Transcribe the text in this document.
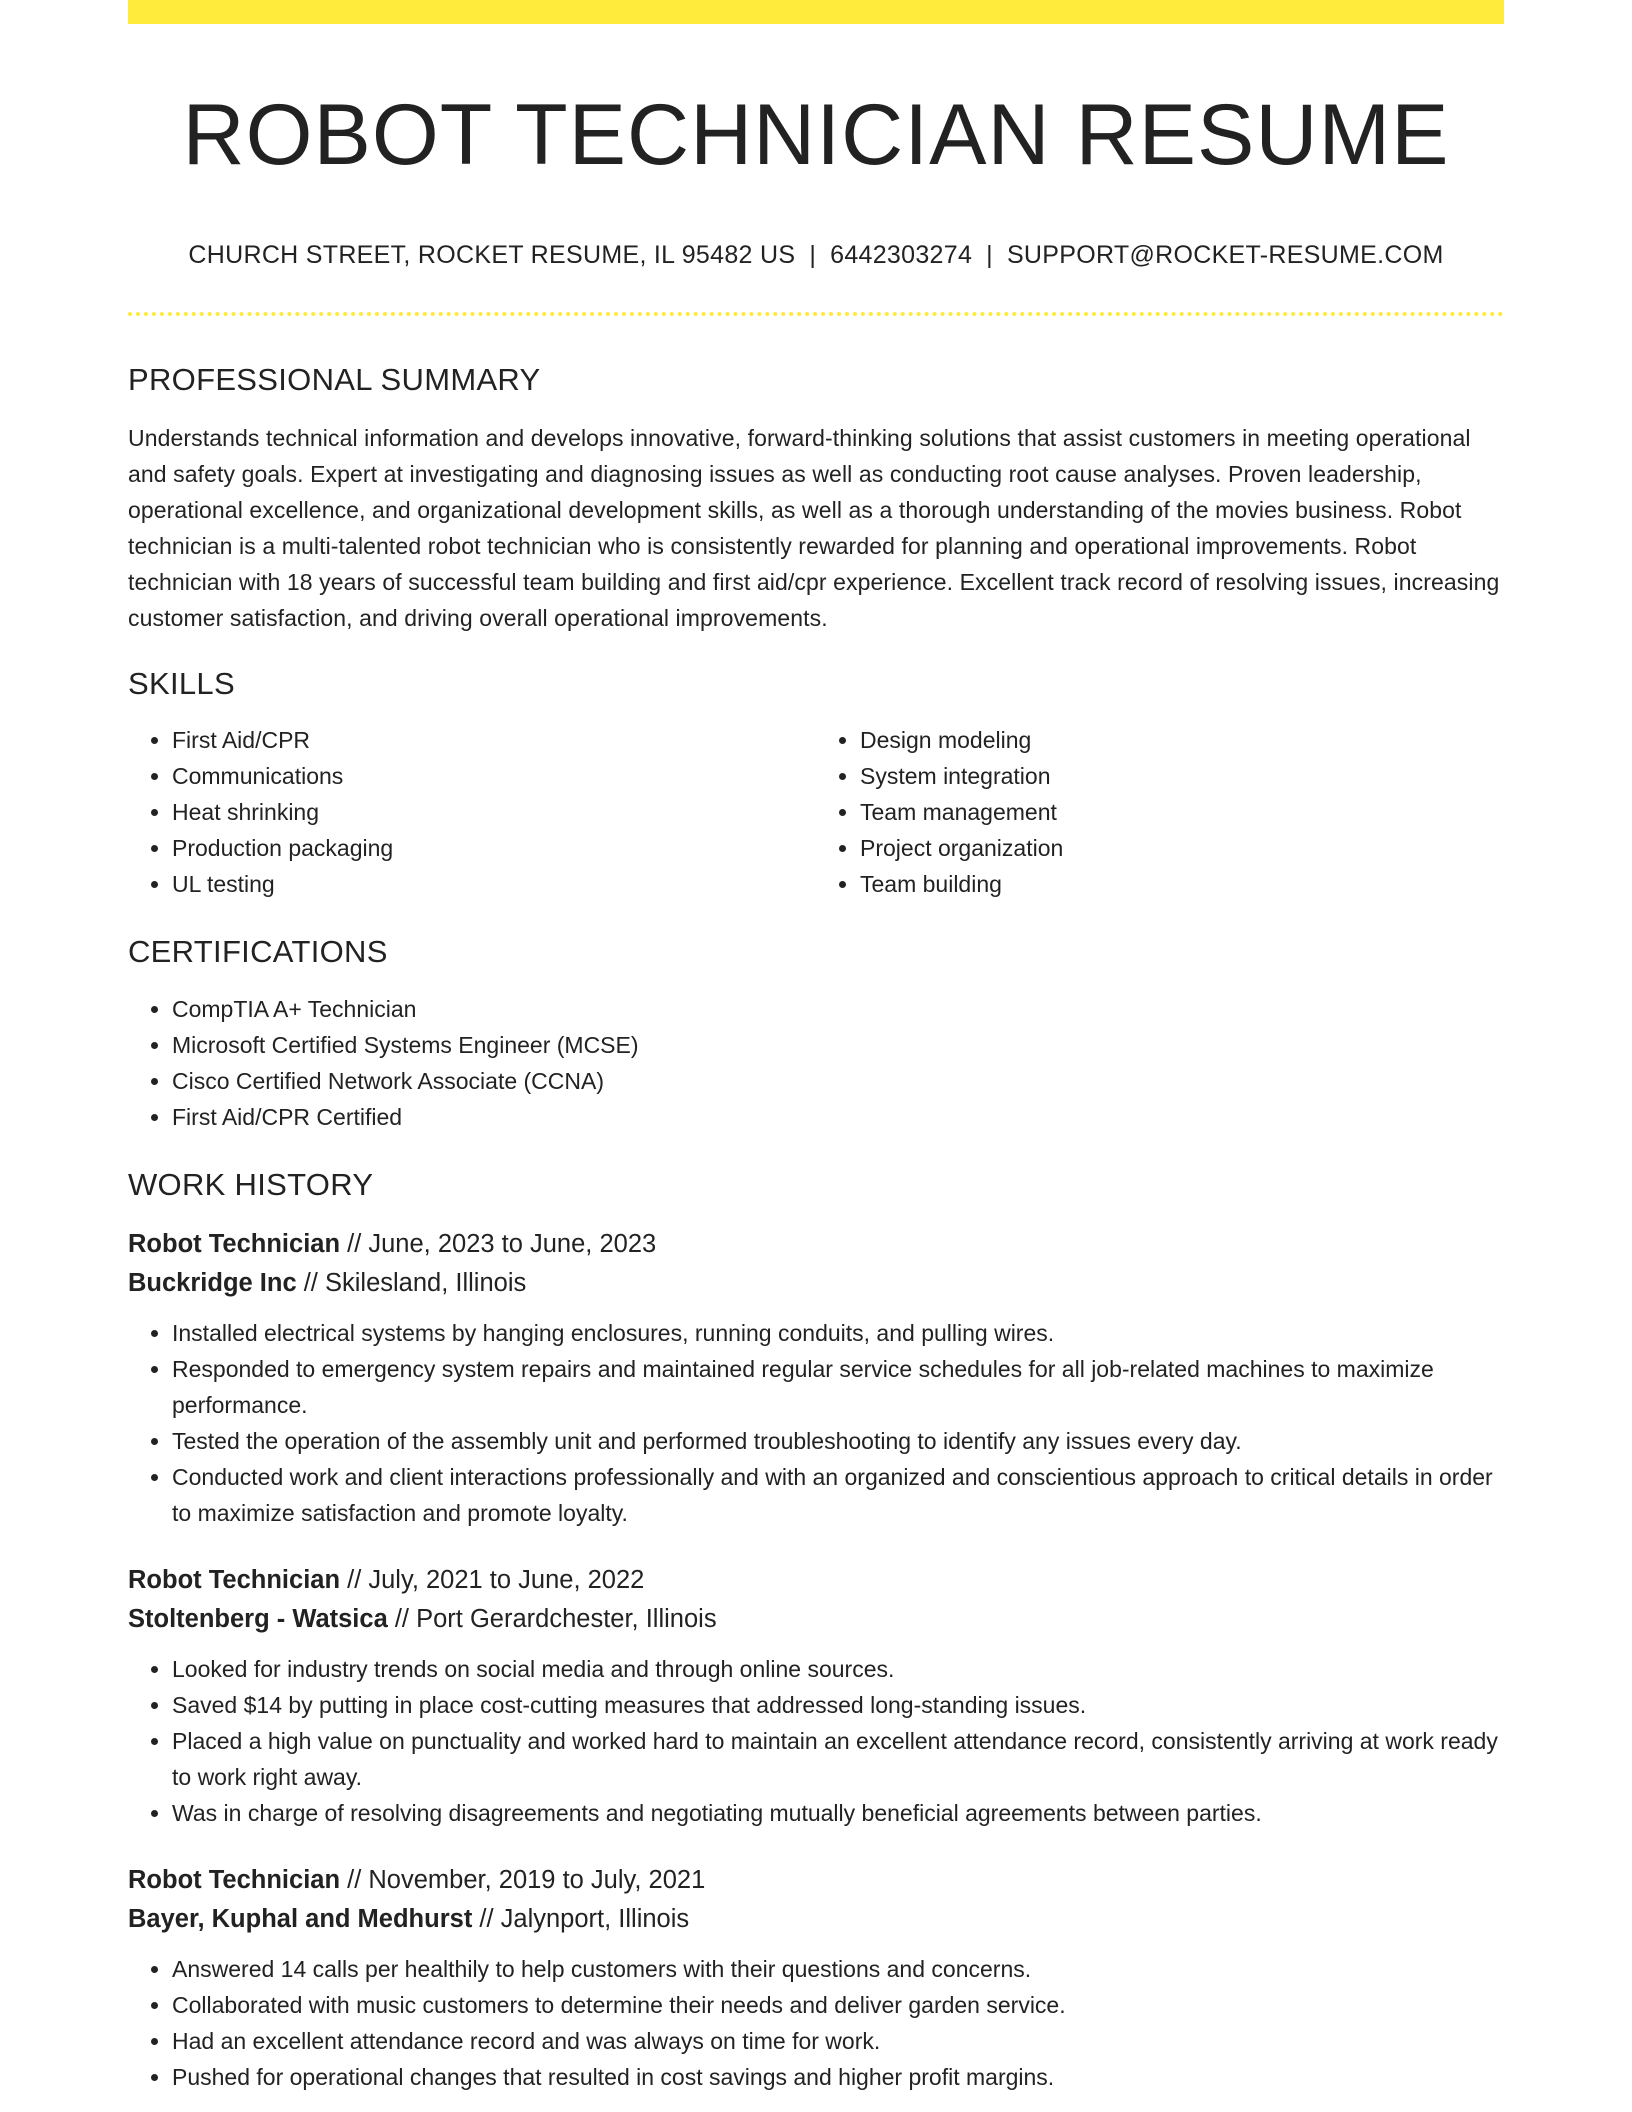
ROBOT TECHNICIAN RESUME
CHURCH STREET, ROCKET RESUME, IL 95482 US | 6442303274 | SUPPORT@ROCKET-RESUME.COM
PROFESSIONAL SUMMARY

Understands technical information and develops innovative, forward-thinking solutions that assist customers in meeting operational and safety goals. Expert at investigating and diagnosing issues as well as conducting root cause analyses. Proven leadership, operational excellence, and organizational development skills, as well as a thorough understanding of the movies business. Robot technician is a multi-talented robot technician who is consistently rewarded for planning and operational improvements. Robot technician with 18 years of successful team building and first aid/cpr experience. Excellent track record of resolving issues, increasing customer satisfaction, and driving overall operational improvements.

SKILLS
• First Aid/CPR
• Communications
• Heat shrinking
• Production packaging
• UL testing
• Design modeling
• System integration
• Team management
• Project organization
• Team building
CERTIFICATIONS
• CompTIA A+ Technician
• Microsoft Certified Systems Engineer (MCSE)
• Cisco Certified Network Associate (CCNA)
• First Aid/CPR Certified
WORK HISTORY
Robot Technician // June, 2023 to June, 2023
Buckridge Inc // Skilesland, Illinois
• Installed electrical systems by hanging enclosures, running conduits, and pulling wires.
• Responded to emergency system repairs and maintained regular service schedules for all job-related machines to maximize performance.
• Tested the operation of the assembly unit and performed troubleshooting to identify any issues every day.
• Conducted work and client interactions professionally and with an organized and conscientious approach to critical details in order to maximize satisfaction and promote loyalty.
Robot Technician // July, 2021 to June, 2022
Stoltenberg - Watsica // Port Gerardchester, Illinois
• Looked for industry trends on social media and through online sources.
• Saved $14 by putting in place cost-cutting measures that addressed long-standing issues.
• Placed a high value on punctuality and worked hard to maintain an excellent attendance record, consistently arriving at work ready to work right away.
• Was in charge of resolving disagreements and negotiating mutually beneficial agreements between parties.
Robot Technician // November, 2019 to July, 2021
Bayer, Kuphal and Medhurst // Jalynport, Illinois
• Answered 14 calls per healthily to help customers with their questions and concerns.
• Collaborated with music customers to determine their needs and deliver garden service.
• Had an excellent attendance record and was always on time for work.
• Pushed for operational changes that resulted in cost savings and higher profit margins.
